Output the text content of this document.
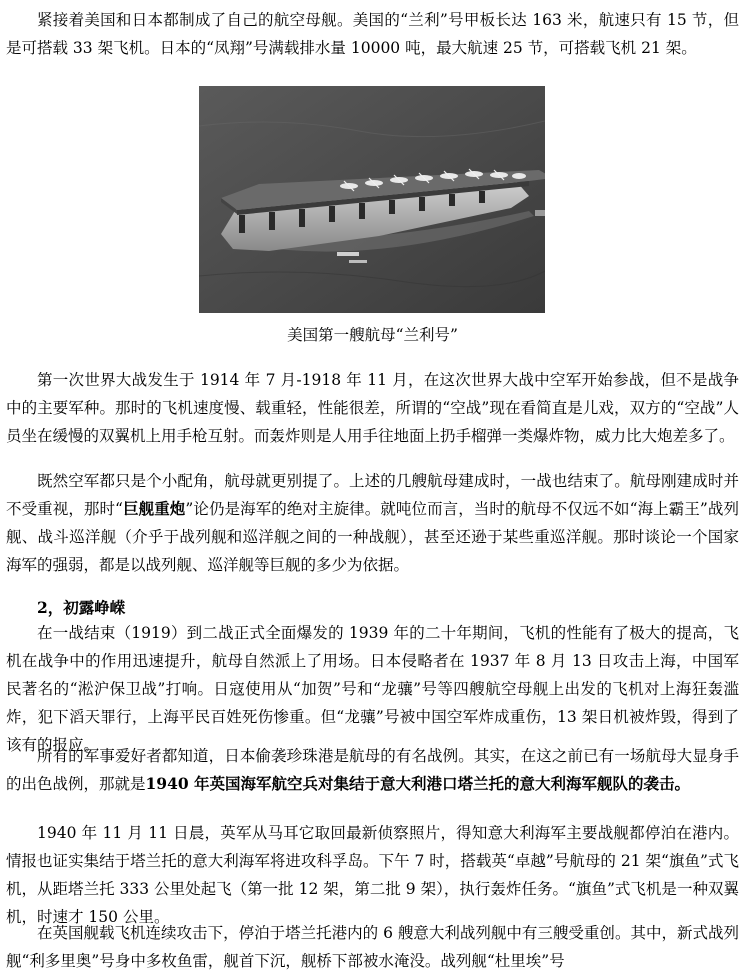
紧接着美国和日本都制成了自己的航空母舰。美国的“兰利”号甲板长达 163 米，航速只有 15 节，但是可搭载 33 架飞机。日本的“凤翔”号满载排水量 10000 吨，最大航速 25 节，可搭载飞机 21 架。

美国第一艘航母“兰利号”

第一次世界大战发生于 1914 年 7 月-1918 年 11 月，在这次世界大战中空军开始参战，但不是战争中的主要军种。那时的飞机速度慢、载重轻，性能很差，所谓的“空战”现在看简直是儿戏，双方的“空战”人员坐在缓慢的双翼机上用手枪互射。而轰炸则是人用手往地面上扔手榴弹一类爆炸物，威力比大炮差多了。

既然空军都只是个小配角，航母就更别提了。上述的几艘航母建成时，一战也结束了。航母刚建成时并不受重视，那时“巨舰重炮”论仍是海军的绝对主旋律。就吨位而言，当时的航母不仅远不如“海上霸王”战列舰、战斗巡洋舰（介乎于战列舰和巡洋舰之间的一种战舰），甚至还逊于某些重巡洋舰。那时谈论一个国家海军的强弱，都是以战列舰、巡洋舰等巨舰的多少为依据。

2，初露峥嵘

在一战结束（1919）到二战正式全面爆发的 1939 年的二十年期间，飞机的性能有了极大的提高，飞机在战争中的作用迅速提升，航母自然派上了用场。日本侵略者在 1937 年 8 月 13 日攻击上海，中国军民著名的“淞沪保卫战”打响。日寇使用从“加贺”号和“龙骧”号等四艘航空母舰上出发的飞机对上海狂轰滥炸，犯下滔天罪行，上海平民百姓死伤惨重。但“龙骧”号被中国空军炸成重伤，13 架日机被炸毁，得到了该有的报应。

所有的军事爱好者都知道，日本偷袭珍珠港是航母的有名战例。其实，在这之前已有一场航母大显身手的出色战例，那就是1940 年英国海军航空兵对集结于意大利港口塔兰托的意大利海军舰队的袭击。

1940 年 11 月 11 日晨，英军从马耳它取回最新侦察照片，得知意大利海军主要战舰都停泊在港内。情报也证实集结于塔兰托的意大利海军将进攻科孚岛。下午 7 时，搭载英“卓越”号航母的 21 架“旗鱼”式飞机，从距塔兰托 333 公里处起飞（第一批 12 架，第二批 9 架），执行轰炸任务。“旗鱼”式飞机是一种双翼机，时速才 150 公里。

在英国舰载飞机连续攻击下，停泊于塔兰托港内的 6 艘意大利战列舰中有三艘受重创。其中，新式战列舰“利多里奥”号身中多枚鱼雷，舰首下沉，舰桥下部被水淹没。战列舰“杜里埃”号
